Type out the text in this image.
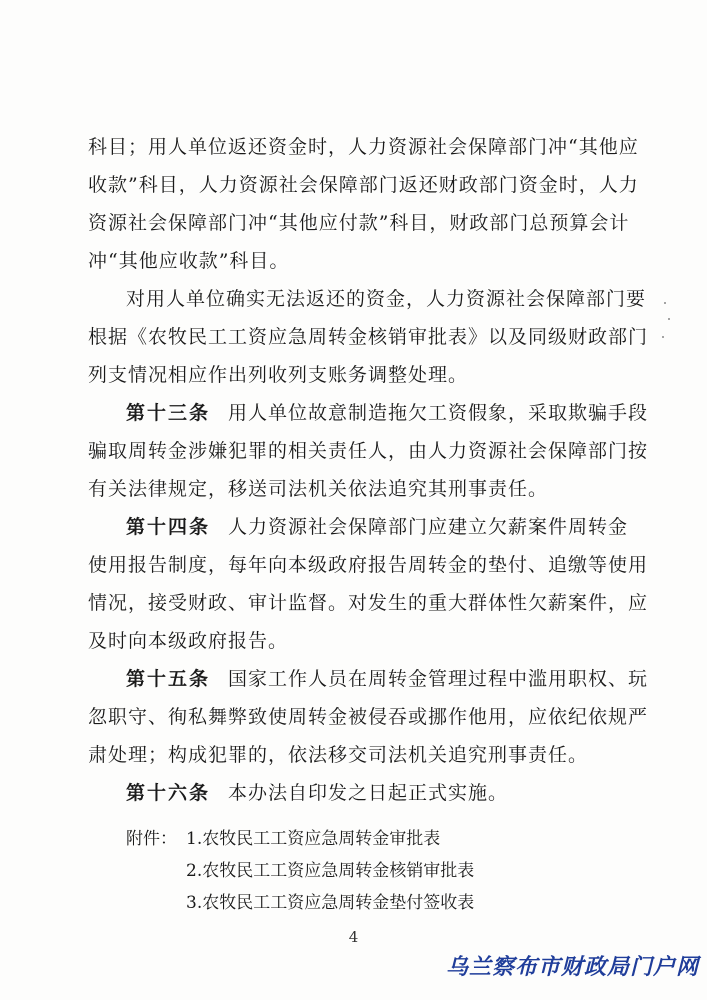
科目；用人单位返还资金时，人力资源社会保障部门冲“其他应
收款”科目，人力资源社会保障部门返还财政部门资金时，人力
资源社会保障部门冲“其他应付款”科目，财政部门总预算会计
冲“其他应收款”科目。
对用人单位确实无法返还的资金，人力资源社会保障部门要
根据《农牧民工工资应急周转金核销审批表》以及同级财政部门
列支情况相应作出列收列支账务调整处理。
第十三条 用人单位故意制造拖欠工资假象，采取欺骗手段
骗取周转金涉嫌犯罪的相关责任人，由人力资源社会保障部门按
有关法律规定，移送司法机关依法追究其刑事责任。
第十四条 人力资源社会保障部门应建立欠薪案件周转金
使用报告制度，每年向本级政府报告周转金的垫付、追缴等使用
情况，接受财政、审计监督。对发生的重大群体性欠薪案件，应
及时向本级政府报告。
第十五条 国家工作人员在周转金管理过程中滥用职权、玩
忽职守、徇私舞弊致使周转金被侵吞或挪作他用，应依纪依规严
肃处理；构成犯罪的，依法移交司法机关追究刑事责任。
第十六条 本办法自印发之日起正式实施。
附件： 1.农牧民工工资应急周转金审批表
2.农牧民工工资应急周转金核销审批表
3.农牧民工工资应急周转金垫付签收表
4
乌兰察布市财政局门户网
